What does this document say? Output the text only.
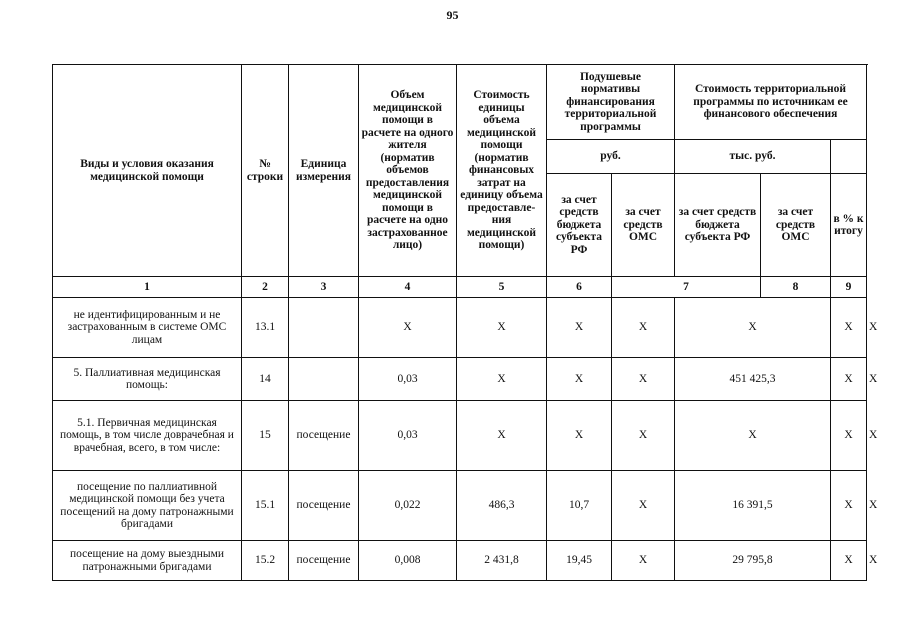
95
Виды и условия оказания медицинской помощи	№ строки	Единица измерения	Объем медицинской помощи в расчете на одного жителя (норматив объемов предоставления медицинской помощи в расчете на одно застрахованное лицо)	Стоимость единицы объема медицинской помощи (норматив финансовых затрат на единицу объема предоставле-ния медицинской помощи)	Подушевые нормативы финансирования территориальной программы		Стоимость территориальной программы по источникам ее финансового обеспечения			
					руб.		тыс. руб.			
					за счет средств бюджета субъекта РФ	за счет средств ОМС	за счет средств бюджета субъекта РФ	за счет средств ОМС	в % к итогу	
1	2	3	4	5	6	7		8	9	
не идентифицированным и не застрахованным в системе ОМС лицам	13.1		Х	Х	Х	Х	Х		Х	Х
5. Паллиативная медицинская помощь:	14		0,03	Х	Х	Х	451 425,3		Х	Х
5.1. Первичная медицинская помощь, в том числе доврачебная и врачебная, всего, в том числе:	15	посещение	0,03	Х	Х	Х	Х		Х	Х
посещение по паллиативной медицинской помощи без учета посещений на дому патронажными бригадами	15.1	посещение	0,022	486,3	10,7	Х	16 391,5		Х	Х
посещение на дому выездными патронажными бригадами	15.2	посещение	0,008	2 431,8	19,45	Х	29 795,8		Х	Х
